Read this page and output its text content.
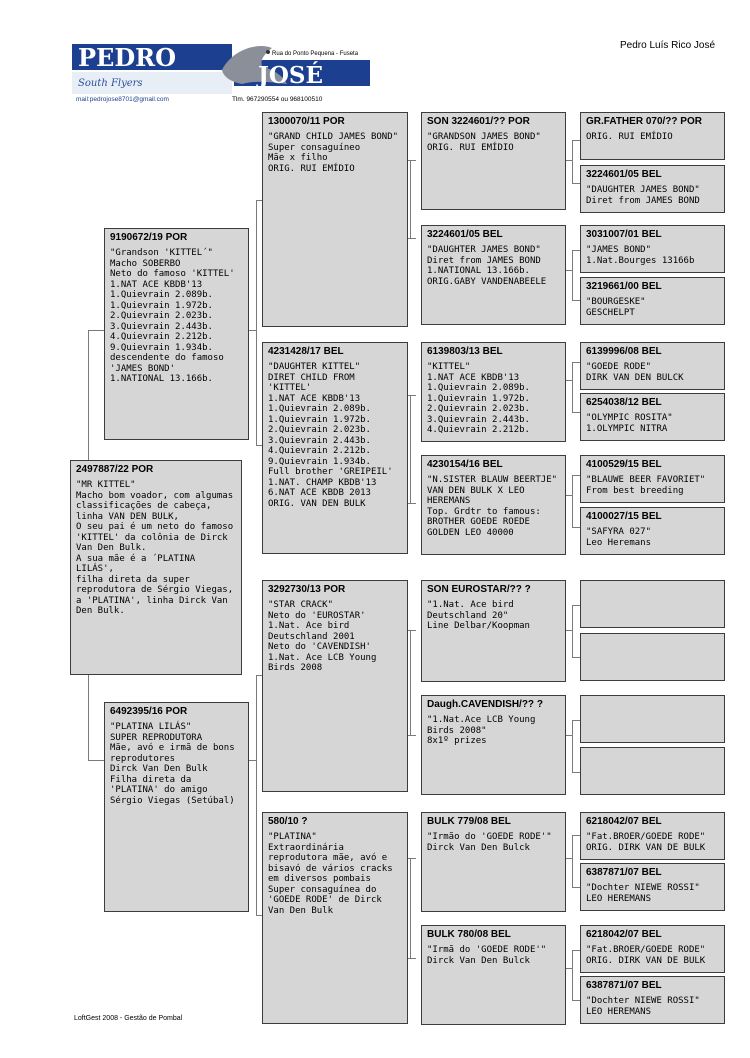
PEDRO
JOSÉ
Rua do Ponto Pequena - Fuseta
South Flyers
mail:pedrojose8701@gmail.com	Tlm. 967290554 ou 968100510
Pedro Luís Rico José
2497887/22 POR
"MR KITTEL"
Macho bom voador, com algumas
classificações de cabeça, linha VAN DEN BULK,
O seu pai é um neto do famoso 'KITTEL' da colônia de Dirck Van Den Bulk.
A sua mãe é a ´PLATINA LILÁS',
filha direta da super reprodutora de Sérgio Viegas, a 'PLATINA', linha Dirck Van Den Bulk.
9190672/19 POR
"Grandson 'KITTEL´"
Macho SOBERBO
Neto do famoso 'KITTEL'
1.NAT ACE KBDB'13
1.Quievrain 2.089b.
1.Quievrain 1.972b.
2.Quievrain 2.023b.
3.Quievrain 2.443b.
4.Quievrain 2.212b.
9.Quievrain 1.934b.
descendente do famoso 'JAMES BOND'
1.NATIONAL 13.166b.
6492395/16 POR
"PLATINA LILÁS"
SUPER REPRODUTORA
Mãe, avó e irmã de bons reprodutores
Dirck Van Den Bulk
Filha direta da 'PLATINA' do amigo Sérgio Viegas (Setúbal)
1300070/11 POR
"GRAND CHILD JAMES BOND"
Super consaguíneo
Mãe x filho
ORIG. RUI EMÍDIO
4231428/17 BEL
"DAUGHTER KITTEL"
DIRET CHILD FROM 'KITTEL'
1.NAT ACE KBDB'13
1.Quievrain 2.089b.
1.Quievrain 1.972b.
2.Quievrain 2.023b.
3.Quievrain 2.443b.
4.Quievrain 2.212b.
9.Quievrain 1.934b.
Full brother 'GREIPEIL' 1.NAT. CHAMP KBDB'13
6.NAT ACE KBDB 2013
ORIG. VAN DEN BULK
3292730/13 POR
"STAR CRACK"
Neto do 'EUROSTAR'
1.Nat. Ace bird Deutschland 2001
Neto do 'CAVENDISH'
1.Nat. Ace LCB Young Birds 2008
580/10 ?
"PLATINA"
Extraordinária reprodutora mãe, avó e bisavó de vários cracks em diversos pombais
Super consaguínea do 'GOEDE RODE' de Dirck Van Den Bulk
SON 3224601/?? POR
"GRANDSON JAMES BOND"
ORIG. RUI EMÍDIO
3224601/05 BEL
"DAUGHTER JAMES BOND"
Diret from JAMES BOND
1.NATIONAL 13.166b.
ORIG.GABY VANDENABEELE
6139803/13 BEL
"KITTEL"
1.NAT ACE KBDB'13
1.Quievrain 2.089b.
1.Quievrain 1.972b.
2.Quievrain 2.023b.
3.Quievrain 2.443b.
4.Quievrain 2.212b.
4230154/16 BEL
"N.SISTER BLAUW BEERTJE"
VAN DEN BULK X LEO HEREMANS
Top. Grdtr to famous: BROTHER GOEDE ROEDE GOLDEN LEO 40000
SON EUROSTAR/?? ?
"1.Nat. Ace bird Deutschland 20"
Line Delbar/Koopman
Daugh.CAVENDISH/?? ?
"1.Nat.Ace LCB Young Birds 2008"
8x1º prizes
BULK 779/08 BEL
"Irmão do 'GOEDE RODE'"
Dirck Van Den Bulck
BULK 780/08 BEL
"Irmã do 'GOEDE RODE'"
Dirck Van Den Bulck
GR.FATHER 070/?? POR
ORIG. RUI EMÍDIO
3224601/05 BEL
"DAUGHTER JAMES BOND"
Diret from JAMES BOND
3031007/01 BEL
"JAMES BOND"
1.Nat.Bourges 13166b
3219661/00 BEL
"BOURGESKE"
GESCHELPT
6139996/08 BEL
"GOEDE RODE"
DIRK VAN DEN BULCK
6254038/12 BEL
"OLYMPIC ROSITA"
1.OLYMPIC NITRA
4100529/15 BEL
"BLAUWE BEER FAVORIET"
From best breeding
4100027/15 BEL
"SAFYRA 027"
Leo Heremans
6218042/07 BEL
"Fat.BROER/GOEDE RODE"
ORIG. DIRK VAN DE BULK
6387871/07 BEL
"Dochter NIEWE ROSSI"
LEO HEREMANS
6218042/07 BEL
"Fat.BROER/GOEDE RODE"
ORIG. DIRK VAN DE BULK
6387871/07 BEL
"Dochter NIEWE ROSSI"
LEO HEREMANS
LoftGest 2008 - Gestão de Pombal
